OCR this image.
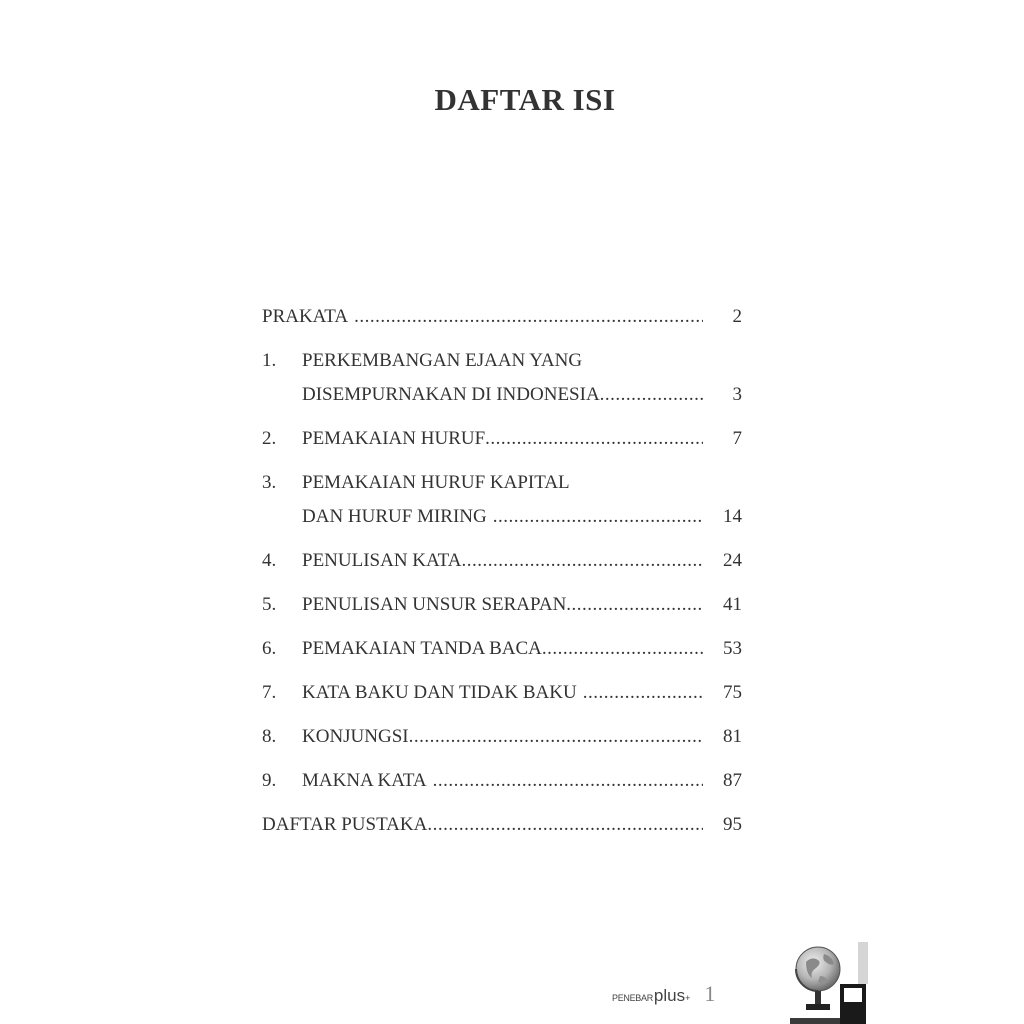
DAFTAR ISI
PRAKATA .....	2
1.	PERKEMBANGAN EJAAN YANG
DISEMPURNAKAN DI INDONESIA .....	3
2.	PEMAKAIAN HURUF .....	7
3.	PEMAKAIAN HURUF KAPITAL
DAN HURUF MIRING .....	14
4.	PENULISAN KATA .....	24
5.	PENULISAN UNSUR SERAPAN .....	41
6.	PEMAKAIAN TANDA BACA .....	53
7.	KATA BAKU DAN TIDAK BAKU .....	75
8.	KONJUNGSI .....	81
9.	MAKNA KATA .....	87
DAFTAR PUSTAKA .....	95
PENEBAR plus + 1
